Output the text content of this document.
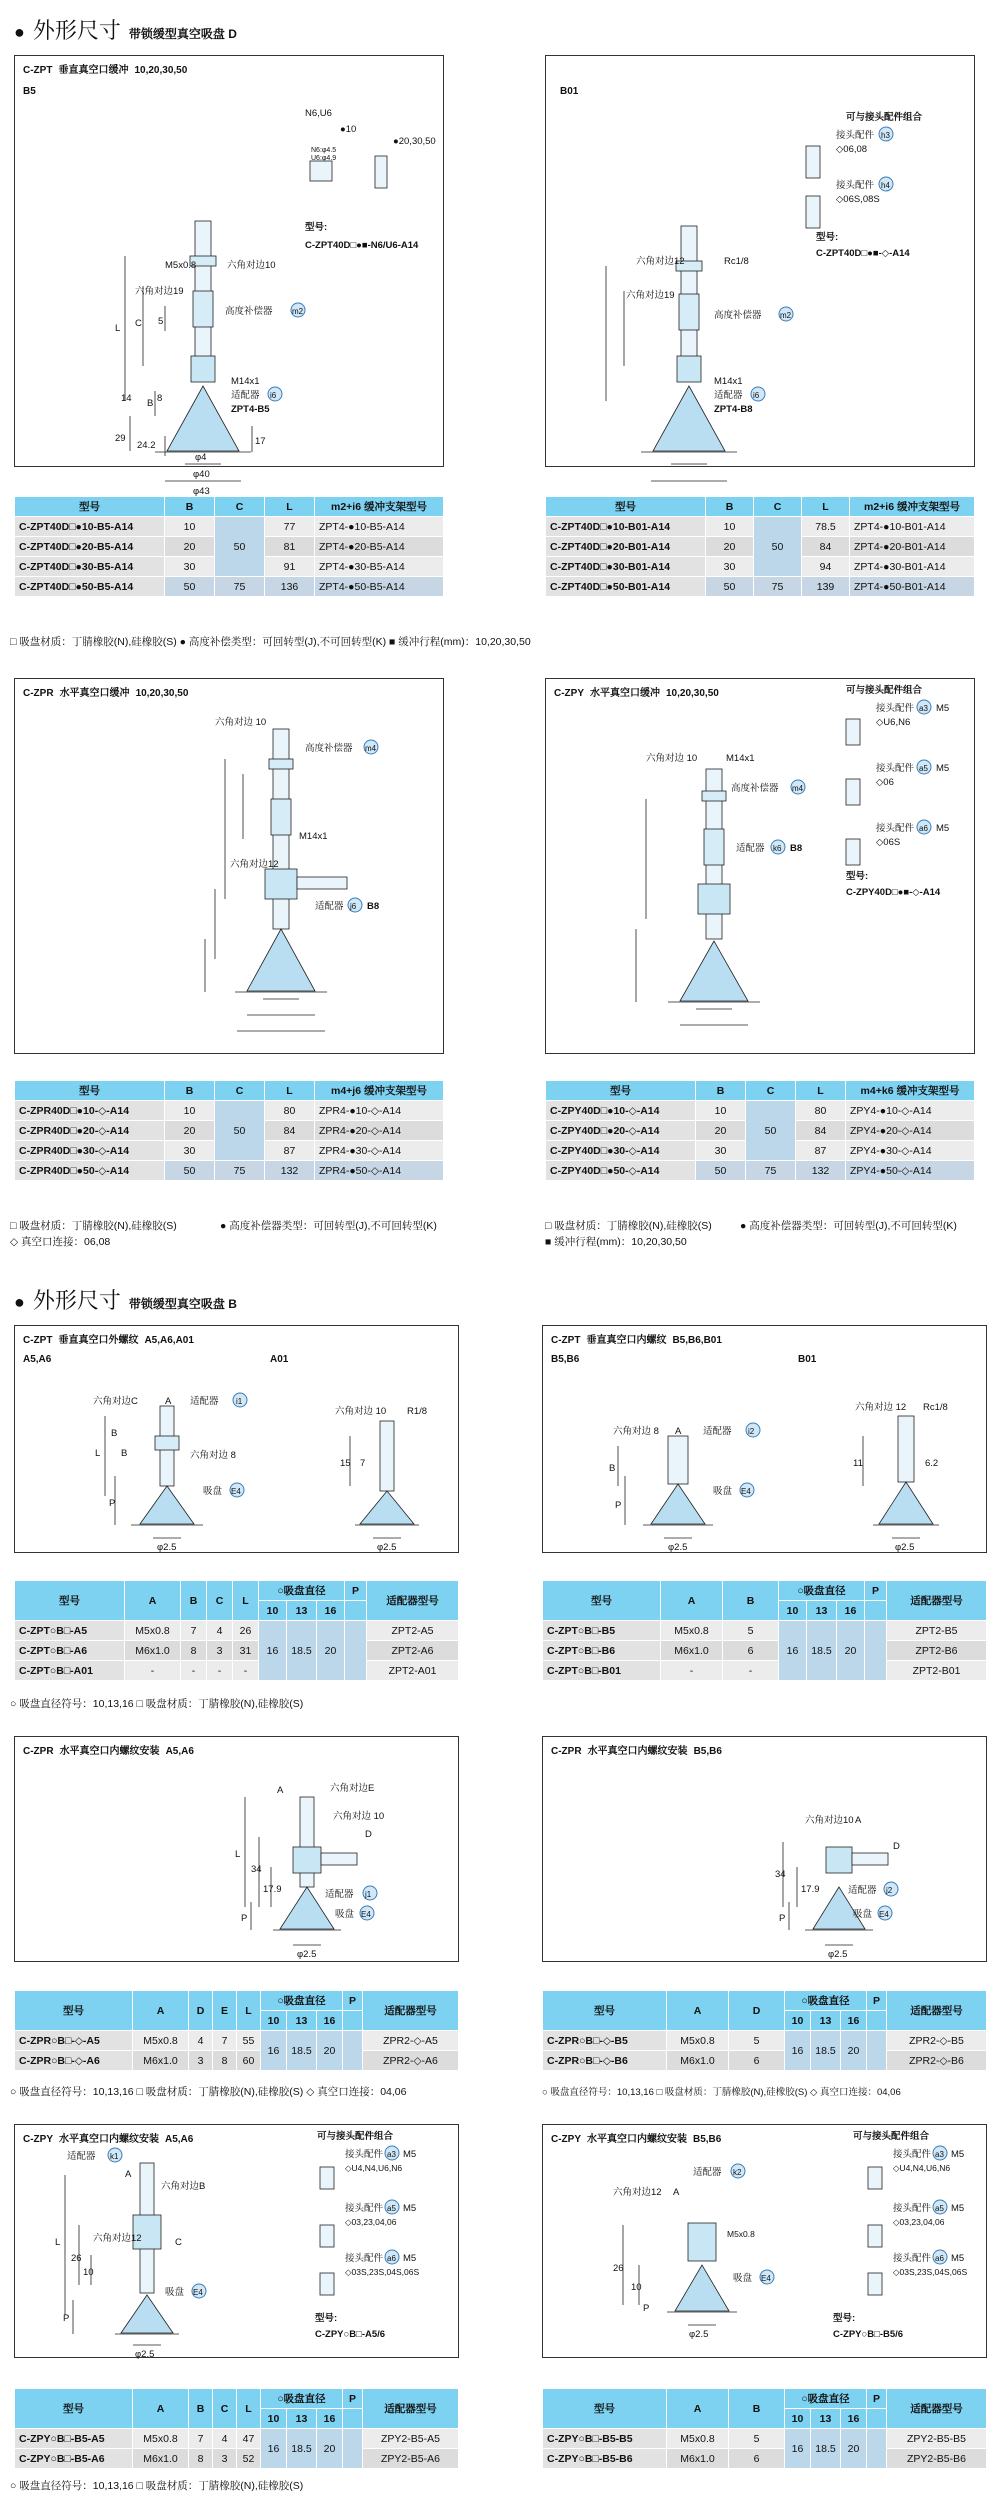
● 外形尺寸 带锁缓型真空吸盘 D
C-ZPT 垂直真空口缓冲 10,20,30,50
B5
N6,U6
●10
●20,30,50
N6:φ4.5
U6:φ4.9
型号:
C-ZPT40D□●■-N6/U6-A14
M5x0.8	六角对边10
六角对边19
高度补偿器 m2
M14x1
适配器 i6
ZPT4-B5
L C 5
B 8
14
29
24.2	17
φ4
φ40
φ43
B01
可与接头配件组合
接头配件 h3
◇06,08
接头配件 h4
◇06S,08S
型号:
C-ZPT40D□●■-◇-A14
六角对边12	Rc1/8
六角对边19
高度补偿器 m2
M14x1
适配器 i6
ZPT4-B8
型号	B	C	L	m2+i6 缓冲支架型号
C-ZPT40D□●10-B5-A14	10	50	77	ZPT4-●10-B5-A14
C-ZPT40D□●20-B5-A14	20		81	ZPT4-●20-B5-A14
C-ZPT40D□●30-B5-A14	30		91	ZPT4-●30-B5-A14
C-ZPT40D□●50-B5-A14	50	75	136	ZPT4-●50-B5-A14
型号	B	C	L	m2+i6 缓冲支架型号
C-ZPT40D□●10-B01-A14	10	50	78.5	ZPT4-●10-B01-A14
C-ZPT40D□●20-B01-A14	20		84	ZPT4-●20-B01-A14
C-ZPT40D□●30-B01-A14	30		94	ZPT4-●30-B01-A14
C-ZPT40D□●50-B01-A14	50	75	139	ZPT4-●50-B01-A14
□ 吸盘材质：丁腈橡胶(N),硅橡胶(S) ● 高度补偿类型：可回转型(J),不可回转型(K) ■ 缓冲行程(mm)：10,20,30,50
C-ZPR 水平真空口缓冲 10,20,30,50
六角对边 10
高度补偿器 m4
M14x1
六角对边12
适配器 j6 B8
C-ZPY 水平真空口缓冲 10,20,30,50	可与接头配件组合
接头配件 a3 M5
◇U6,N6
接头配件 a5 M5
◇06
接头配件 a6 M5
◇06S
型号:
C-ZPY40D□●■-◇-A14
六角对边 10	M14x1
高度补偿器 m4
适配器 k6 B8
型号	B	C	L	m4+j6 缓冲支架型号
C-ZPR40D□●10-◇-A14	10	50	80	ZPR4-●10-◇-A14
C-ZPR40D□●20-◇-A14	20		84	ZPR4-●20-◇-A14
C-ZPR40D□●30-◇-A14	30		87	ZPR4-●30-◇-A14
C-ZPR40D□●50-◇-A14	50	75	132	ZPR4-●50-◇-A14
型号	B	C	L	m4+k6 缓冲支架型号
C-ZPY40D□●10-◇-A14	10	50	80	ZPY4-●10-◇-A14
C-ZPY40D□●20-◇-A14	20		84	ZPY4-●20-◇-A14
C-ZPY40D□●30-◇-A14	30		87	ZPY4-●30-◇-A14
C-ZPY40D□●50-◇-A14	50	75	132	ZPY4-●50-◇-A14
□ 吸盘材质：丁腈橡胶(N),硅橡胶(S)
◇ 真空口连接：06,08
● 高度补偿器类型：可回转型(J),不可回转型(K)	□ 吸盘材质：丁腈橡胶(N),硅橡胶(S)	● 高度补偿器类型：可回转型(J),不可回转型(K)
■ 缓冲行程(mm)：10,20,30,50
● 外形尺寸 带锁缓型真空吸盘 B
C-ZPT 垂直真空口外螺纹 A5,A6,A01
A5,A6	A01
六角对边C	A 适配器 i1
六角对边 8
吸盘 E4
φ2.5
六角对边 10 R1/8
φ2.5
L
B
B
P
15 7
C-ZPT 垂直真空口内螺纹 B5,B6,B01
B5,B6	B01
六角对边 8 A 适配器 i2
吸盘 E4
φ2.5
六角对边 12 Rc1/8
φ2.5
B
P
11	6.2
型号	A	B	C	L	○吸盘直径			P	适配器型号
					10	13	16		
C-ZPT○B□-A5	M5x0.8	7	4	26	16	18.5	20		ZPT2-A5
C-ZPT○B□-A6	M6x1.0	8	3	31					ZPT2-A6
C-ZPT○B□-A01	-	-	-	-					ZPT2-A01
型号	A	B	○吸盘直径			P	适配器型号
			10	13	16		
C-ZPT○B□-B5	M5x0.8	5	16	18.5	20		ZPT2-B5
C-ZPT○B□-B6	M6x1.0	6					ZPT2-B6
C-ZPT○B□-B01	-	-					ZPT2-B01
○ 吸盘直径符号：10,13,16 □ 吸盘材质：丁腈橡胶(N),硅橡胶(S)
C-ZPR 水平真空口内螺纹安装 A5,A6
六角对边E
六角对边 10
A
D
适配器 j1
吸盘 E4
φ2.5
L
34
17.9
P
C-ZPR 水平真空口内螺纹安装 B5,B6
六角对边10 A
适配器 j2
吸盘 E4
φ2.5
34
17.9
P
D
型号	A	D	E	L	○吸盘直径			P	适配器型号
					10	13	16		
C-ZPR○B□-◇-A5	M5x0.8	4	7	55	16	18.5	20		ZPR2-◇-A5
C-ZPR○B□-◇-A6	M6x1.0	3	8	60					ZPR2-◇-A6
型号	A	D	○吸盘直径			P	适配器型号
			10	13	16		
C-ZPR○B□-◇-B5	M5x0.8	5	16	18.5	20		ZPR2-◇-B5
C-ZPR○B□-◇-B6	M6x1.0	6					ZPR2-◇-B6
○ 吸盘直径符号：10,13,16 □ 吸盘材质：丁腈橡胶(N),硅橡胶(S) ◇ 真空口连接：04,06	○ 吸盘直径符号：10,13,16 □ 吸盘材质：丁腈橡胶(N),硅橡胶(S) ◇ 真空口连接：04,06
C-ZPY 水平真空口内螺纹安装 A5,A6	可与接头配件组合
适配器 k1
六角对边B
六角对边12
吸盘 E4
φ2.5
接头配件 a3 M5
◇U4,N4,U6,N6
接头配件 a5 M5
◇03,23,04,06
接头配件 a6 M5
◇03S,23S,04S,06S
型号:
C-ZPY○B□-A5/6
L
A
26
10
P
C
C-ZPY 水平真空口内螺纹安装 B5,B6	可与接头配件组合
六角对边12 A
适配器 k2
M5x0.8
吸盘 E4
φ2.5
接头配件 a3 M5
◇U4,N4,U6,N6
接头配件 a5 M5
◇03,23,04,06
接头配件 a6 M5
◇03S,23S,04S,06S
型号:
C-ZPY○B□-B5/6
26
10
P
型号	A	B	C	L	○吸盘直径			P	适配器型号
					10	13	16		
C-ZPY○B□-B5-A5	M5x0.8	7	4	47	16	18.5	20		ZPY2-B5-A5
C-ZPY○B□-B5-A6	M6x1.0	8	3	52					ZPY2-B5-A6
型号	A	B	○吸盘直径			P	适配器型号
			10	13	16		
C-ZPY○B□-B5-B5	M5x0.8	5	16	18.5	20		ZPY2-B5-B5
C-ZPY○B□-B5-B6	M6x1.0	6					ZPY2-B5-B6
○ 吸盘直径符号：10,13,16 □ 吸盘材质：丁腈橡胶(N),硅橡胶(S)
